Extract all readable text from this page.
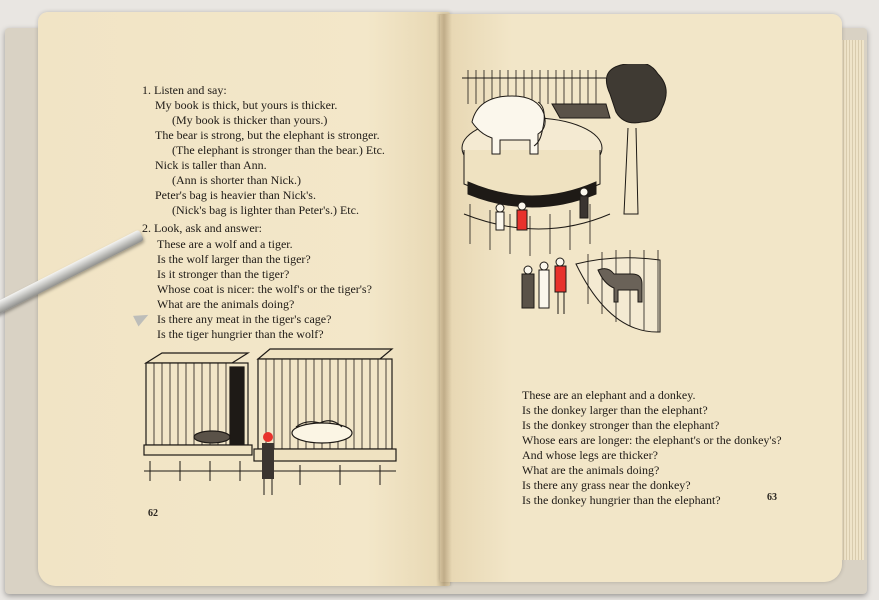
1. Listen and say:
My book is thick, but yours is thicker.
(My book is thicker than yours.)
The bear is strong, but the elephant is stronger.
(The elephant is stronger than the bear.) Etc.
Nick is taller than Ann.
(Ann is shorter than Nick.)
Peter's bag is heavier than Nick's.
(Nick's bag is lighter than Peter's.) Etc.
2. Look, ask and answer:
These are a wolf and a tiger.
Is the wolf larger than the tiger?
Is it stronger than the tiger?
Whose coat is nicer: the wolf's or the tiger's?
What are the animals doing?
Is there any meat in the tiger's cage?
Is the tiger hungrier than the wolf?
62
These are an elephant and a donkey.
Is the donkey larger than the elephant?
Is the donkey stronger than the elephant?
Whose ears are longer: the elephant's or the donkey's?
And whose legs are thicker?
What are the animals doing?
Is there any grass near the donkey?
Is the donkey hungrier than the elephant?	63
